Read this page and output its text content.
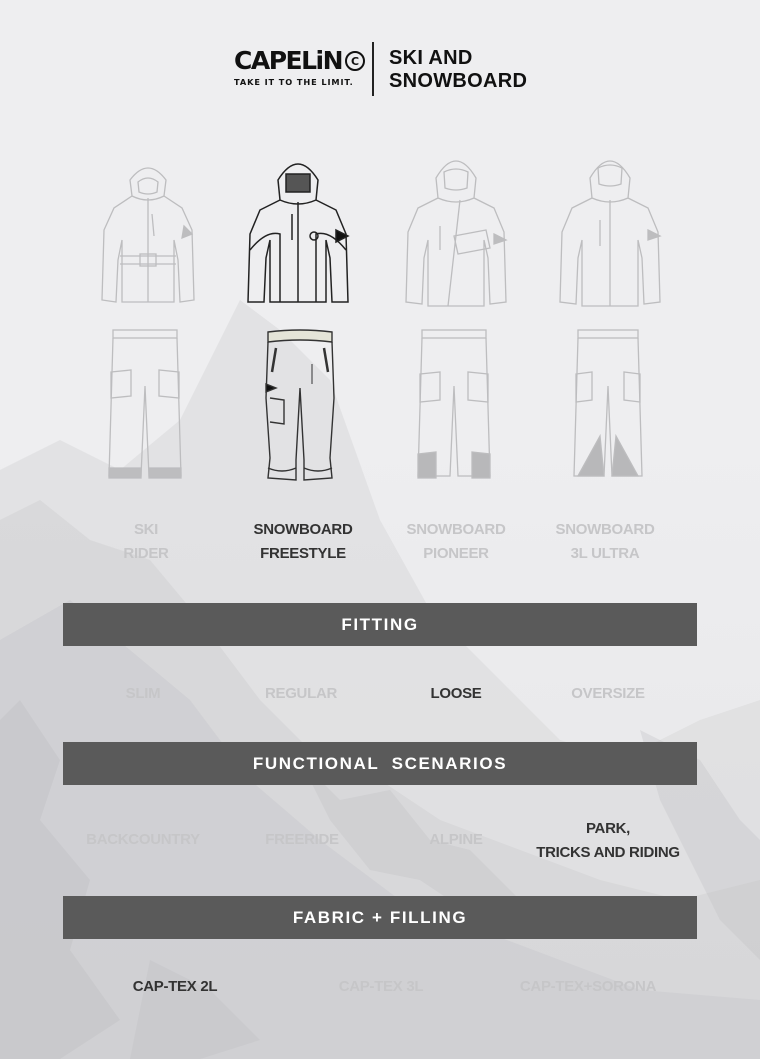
CAPELiN C
TAKE IT TO THE LIMIT.
SKI AND
SNOWBOARD
SKI
RIDER
SNOWBOARD
FREESTYLE
SNOWBOARD
PIONEER
SNOWBOARD
3L ULTRA
FITTING
SLIM	REGULAR	LOOSE	OVERSIZE
FUNCTIONAL  SCENARIOS
BACKCOUNTRY	FREERIDE	ALPINE
PARK,
TRICKS AND RIDING
FABRIC + FILLING
CAP-TEX 2L	CAP-TEX 3L	CAP-TEX+SORONA
